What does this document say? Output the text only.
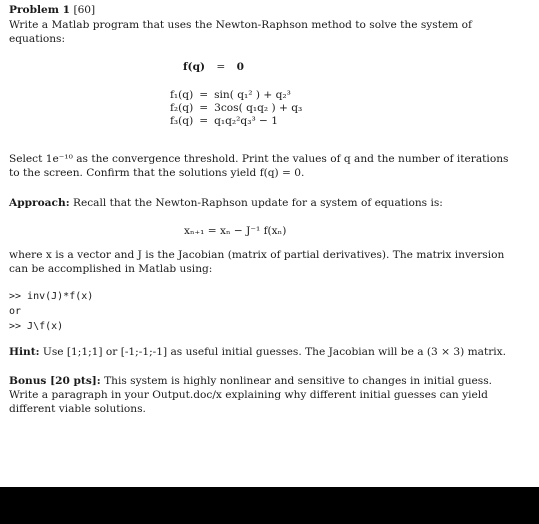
Problem 1 [60]
Write a Matlab program that uses the Newton-Raphson method to solve the system of
equations:
f(q) = 0
f₁(q)	=	sin( q₁² ) + q₂³
f₂(q)	=	3cos( q₁q₂ ) + q₃
f₃(q)	=	q₁q₂²q₃³ − 1
Select 1e⁻¹⁰ as the convergence threshold. Print the values of q and the number of iterations
to the screen. Confirm that the solutions yield f(q) = 0.
Approach: Recall that the Newton-Raphson update for a system of equations is:
xₙ₊₁ = xₙ − J⁻¹ f(xₙ)
where x is a vector and J is the Jacobian (matrix of partial derivatives). The matrix inversion
can be accomplished in Matlab using:
>> inv(J)*f(x)
or
>> J\f(x)
Hint: Use [1;1;1] or [-1;-1;-1] as useful initial guesses. The Jacobian will be a (3 × 3) matrix.
Bonus [20 pts]: This system is highly nonlinear and sensitive to changes in initial guess.
Write a paragraph in your Output.doc/x explaining why different initial guesses can yield
different viable solutions.
